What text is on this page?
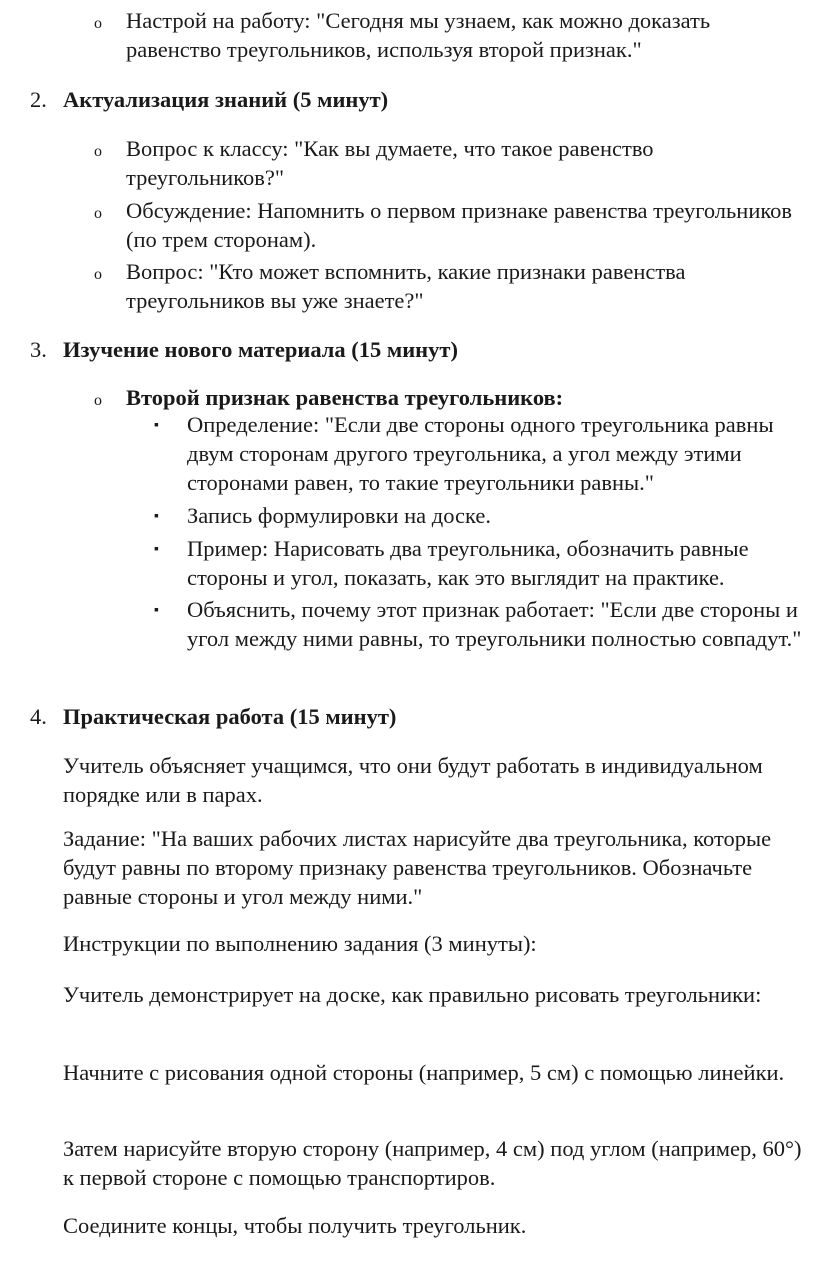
o Настрой на работу: "Сегодня мы узнаем, как можно доказать равенство треугольников, используя второй признак."
2. Актуализация знаний (5 минут)
o Вопрос к классу: "Как вы думаете, что такое равенство треугольников?"
o Обсуждение: Напомнить о первом признаке равенства треугольников (по трем сторонам).
o Вопрос: "Кто может вспомнить, какие признаки равенства треугольников вы уже знаете?"
3. Изучение нового материала (15 минут)
o Второй признак равенства треугольников:
▪ Определение: "Если две стороны одного треугольника равны двум сторонам другого треугольника, а угол между этими сторонами равен, то такие треугольники равны."
▪ Запись формулировки на доске.
▪ Пример: Нарисовать два треугольника, обозначить равные стороны и угол, показать, как это выглядит на практике.
▪ Объяснить, почему этот признак работает: "Если две стороны и угол между ними равны, то треугольники полностью совпадут."
4. Практическая работа (15 минут)

Учитель объясняет учащимся, что они будут работать в индивидуальном порядке или в парах.

Задание: "На ваших рабочих листах нарисуйте два треугольника, которые будут равны по второму признаку равенства треугольников. Обозначьте равные стороны и угол между ними."

Инструкции по выполнению задания (3 минуты):

Учитель демонстрирует на доске, как правильно рисовать треугольники:

Начните с рисования одной стороны (например, 5 см) с помощью линейки.

Затем нарисуйте вторую сторону (например, 4 см) под углом (например, 60°) к первой стороне с помощью транспортиров.

Соедините концы, чтобы получить треугольник.
